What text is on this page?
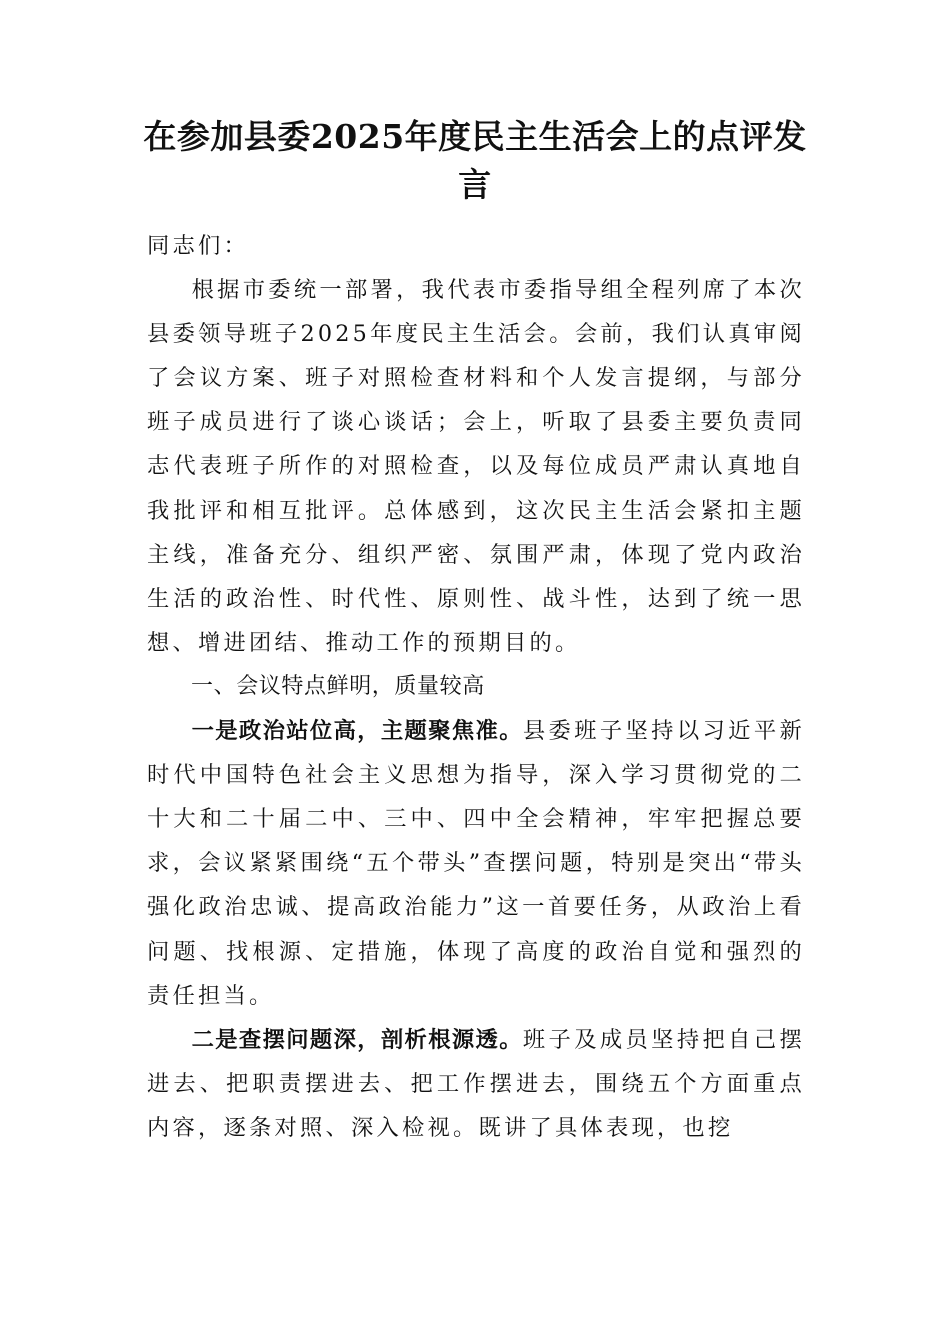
在参加县委2025年度民主生活会上的点评发言

同志们：

根据市委统一部署，我代表市委指导组全程列席了本次县委领导班子2025年度民主生活会。会前，我们认真审阅了会议方案、班子对照检查材料和个人发言提纲，与部分班子成员进行了谈心谈话；会上，听取了县委主要负责同志代表班子所作的对照检查，以及每位成员严肃认真地自我批评和相互批评。总体感到，这次民主生活会紧扣主题主线，准备充分、组织严密、氛围严肃，体现了党内政治生活的政治性、时代性、原则性、战斗性，达到了统一思想、增进团结、推动工作的预期目的。

一、会议特点鲜明，质量较高

一是政治站位高，主题聚焦准。县委班子坚持以习近平新时代中国特色社会主义思想为指导，深入学习贯彻党的二十大和二十届二中、三中、四中全会精神，牢牢把握总要求，会议紧紧围绕“五个带头”查摆问题，特别是突出“带头强化政治忠诚、提高政治能力”这一首要任务，从政治上看问题、找根源、定措施，体现了高度的政治自觉和强烈的责任担当。

二是查摆问题深，剖析根源透。班子及成员坚持把自己摆进去、把职责摆进去、把工作摆进去，围绕五个方面重点内容，逐条对照、深入检视。既讲了具体表现，也挖
